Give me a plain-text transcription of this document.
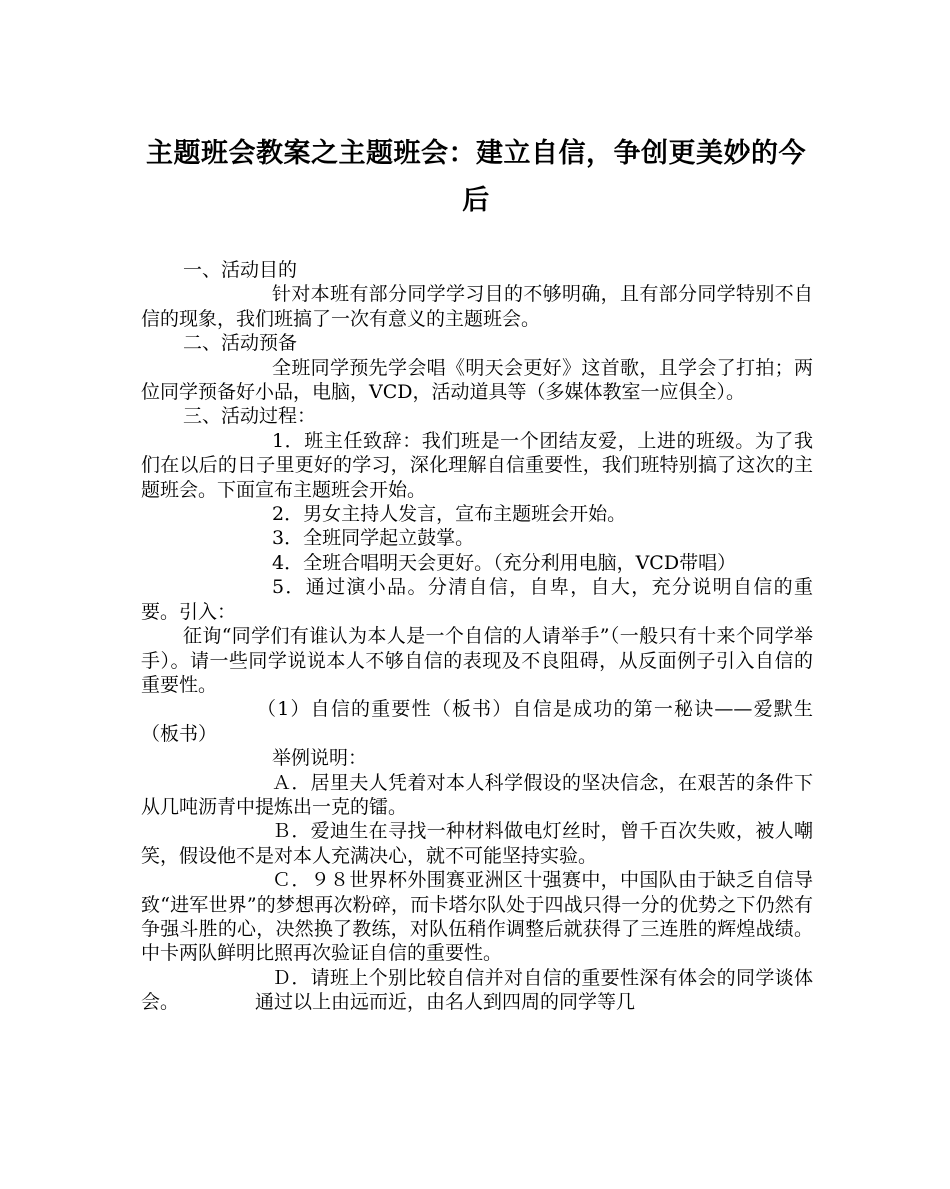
主题班会教案之主题班会：建立自信，争创更美妙的今
后

一、活动目的

针对本班有部分同学学习目的不够明确，且有部分同学特别不自信的现象，我们班搞了一次有意义的主题班会。

二、活动预备

全班同学预先学会唱《明天会更好》这首歌，且学会了打拍；两位同学预备好小品，电脑，VCD，活动道具等（多媒体教室一应俱全）。

三、活动过程：

1．班主任致辞：我们班是一个团结友爱，上进的班级。为了我们在以后的日子里更好的学习，深化理解自信重要性，我们班特别搞了这次的主题班会。下面宣布主题班会开始。

2．男女主持人发言，宣布主题班会开始。

3．全班同学起立鼓掌。

4．全班合唱明天会更好。（充分利用电脑，VCD带唱）

5．通过演小品。分清自信，自卑，自大，充分说明自信的重要。引入：

征询“同学们有谁认为本人是一个自信的人请举手”（一般只有十来个同学举手）。请一些同学说说本人不够自信的表现及不良阻碍，从反面例子引入自信的重要性。

（1）自信的重要性（板书）自信是成功的第一秘诀——爱默生（板书）

举例说明：

Ａ．居里夫人凭着对本人科学假设的坚决信念，在艰苦的条件下从几吨沥青中提炼出一克的镭。

Ｂ．爱迪生在寻找一种材料做电灯丝时，曾千百次失败，被人嘲笑，假设他不是对本人充满决心，就不可能坚持实验。

Ｃ．９８世界杯外围赛亚洲区十强赛中，中国队由于缺乏自信导致“进军世界”的梦想再次粉碎，而卡塔尔队处于四战只得一分的优势之下仍然有争强斗胜的心，决然换了教练，对队伍稍作调整后就获得了三连胜的辉煌战绩。中卡两队鲜明比照再次验证自信的重要性。

Ｄ．请班上个别比较自信并对自信的重要性深有体会的同学谈体会。	通过以上由远而近，由名人到四周的同学等几
